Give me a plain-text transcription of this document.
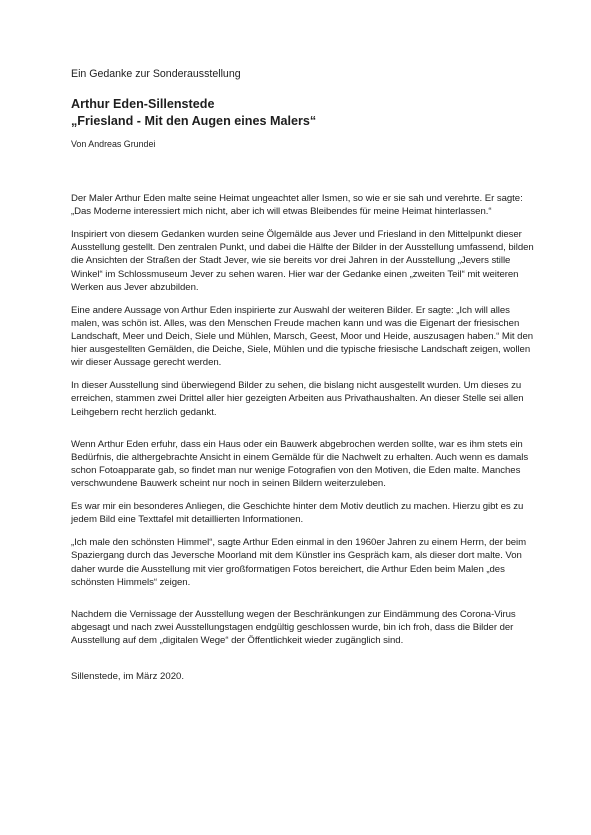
Ein Gedanke zur Sonderausstellung
Arthur Eden-Sillenstede
„Friesland - Mit den Augen eines Malers“
Von Andreas Grundei

Der Maler Arthur Eden malte seine Heimat ungeachtet aller Ismen, so wie er sie sah und verehrte. Er sagte: „Das Moderne interessiert mich nicht, aber ich will etwas Bleibendes für meine Heimat hinterlassen.“

Inspiriert von diesem Gedanken wurden seine Ölgemälde aus Jever und Friesland in den Mittelpunkt dieser Ausstellung gestellt. Den zentralen Punkt, und dabei die Hälfte der Bilder in der Ausstellung umfassend, bilden die Ansichten der Straßen der Stadt Jever, wie sie bereits vor drei Jahren in der Ausstellung „Jevers stille Winkel“ im Schlossmuseum Jever zu sehen waren. Hier war der Gedanke einen „zweiten Teil“ mit weiteren Werken aus Jever abzubilden.

Eine andere Aussage von Arthur Eden inspirierte zur Auswahl der weiteren Bilder. Er sagte: „Ich will alles malen, was schön ist. Alles, was den Menschen Freude machen kann und was die Eigenart der friesischen Landschaft, Meer und Deich, Siele und Mühlen, Marsch, Geest, Moor und Heide, auszusagen haben.“ Mit den hier ausgestellten Gemälden, die Deiche, Siele, Mühlen und die typische friesische Landschaft zeigen, wollen wir dieser Aussage gerecht werden.

In dieser Ausstellung sind überwiegend Bilder zu sehen, die bislang nicht ausgestellt wurden. Um dieses zu erreichen, stammen zwei Drittel aller hier gezeigten Arbeiten aus Privathaushalten. An dieser Stelle sei allen Leihgebern recht herzlich gedankt.

Wenn Arthur Eden erfuhr, dass ein Haus oder ein Bauwerk abgebrochen werden sollte, war es ihm stets ein Bedürfnis, die althergebrachte Ansicht in einem Gemälde für die Nachwelt zu erhalten. Auch wenn es damals schon Fotoapparate gab, so findet man nur wenige Fotografien von den Motiven, die Eden malte. Manches verschwundene Bauwerk scheint nur noch in seinen Bildern weiterzuleben.

Es war mir ein besonderes Anliegen, die Geschichte hinter dem Motiv deutlich zu machen. Hierzu gibt es zu jedem Bild eine Texttafel mit detaillierten Informationen.

„Ich male den schönsten Himmel“, sagte Arthur Eden einmal in den 1960er Jahren zu einem Herrn, der beim Spaziergang durch das Jeversche Moorland mit dem Künstler ins Gespräch kam, als dieser dort malte. Von daher wurde die Ausstellung mit vier großformatigen Fotos bereichert, die Arthur Eden beim Malen „des schönsten Himmels“ zeigen.

Nachdem die Vernissage der Ausstellung wegen der Beschränkungen zur Eindämmung des Corona-Virus abgesagt und nach zwei Ausstellungstagen endgültig geschlossen wurde, bin ich froh, dass die Bilder der Ausstellung auf dem „digitalen Wege“ der Öffentlichkeit wieder zugänglich sind.

Sillenstede, im März 2020.
